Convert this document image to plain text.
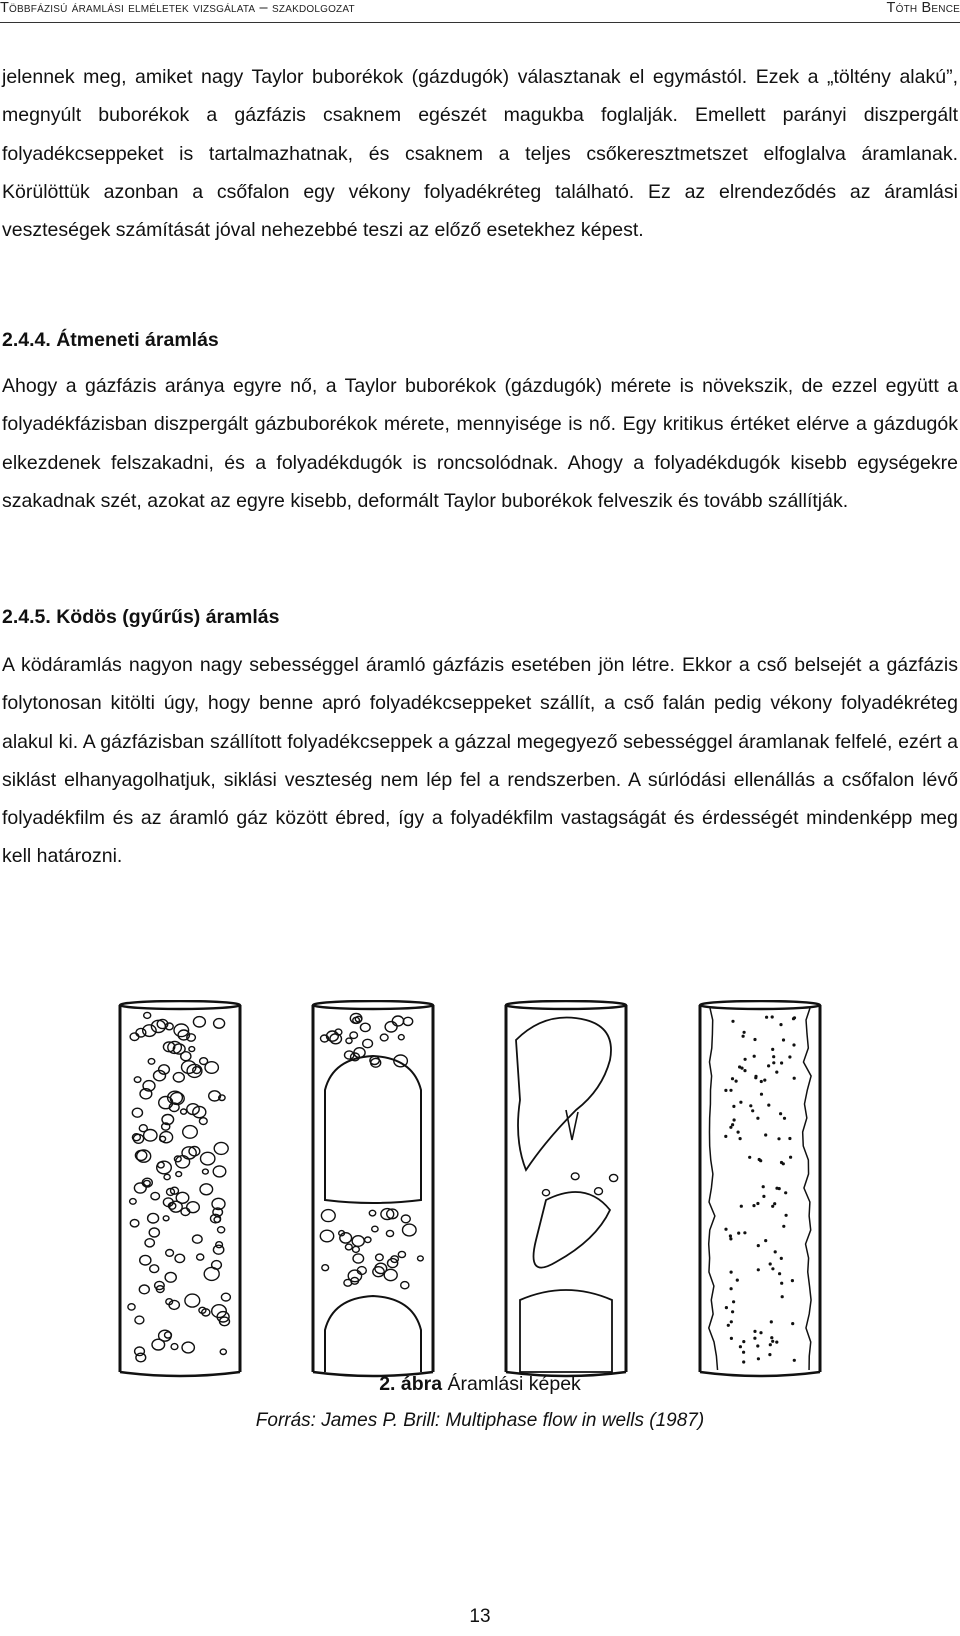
Többfázisú áramlási elméletek vizsgálata – szakdolgozat	Tóth Bence

jelennek meg, amiket nagy Taylor buborékok (gázdugók) választanak el egymástól. Ezek a „töltény alakú”, megnyúlt buborékok a gázfázis csaknem egészét magukba foglalják. Emellett parányi diszpergált folyadékcseppeket is tartalmazhatnak, és csaknem a teljes csőkeresztmetszet elfoglalva áramlanak. Körülöttük azonban a csőfalon egy vékony folyadékréteg található. Ez az elrendeződés az áramlási veszteségek számítását jóval nehezebbé teszi az előző esetekhez képest.

2.4.4. Átmeneti áramlás

Ahogy a gázfázis aránya egyre nő, a Taylor buborékok (gázdugók) mérete is növekszik, de ezzel együtt a folyadékfázisban diszpergált gázbuborékok mérete, mennyisége is nő. Egy kritikus értéket elérve a gázdugók elkezdenek felszakadni, és a folyadékdugók is roncsolódnak. Ahogy a folyadékdugók kisebb egységekre szakadnak szét, azokat az egyre kisebb, deformált Taylor buborékok felveszik és tovább szállítják.

2.4.5. Ködös (gyűrűs) áramlás

A ködáramlás nagyon nagy sebességgel áramló gázfázis esetében jön létre. Ekkor a cső belsejét a gázfázis folytonosan kitölti úgy, hogy benne apró folyadékcseppeket szállít, a cső falán pedig vékony folyadékréteg alakul ki. A gázfázisban szállított folyadékcseppek a gázzal megegyező sebességgel áramlanak felfelé, ezért a siklást elhanyagolhatjuk, siklási veszteség nem lép fel a rendszerben. A súrlódási ellenállás a csőfalon lévő folyadékfilm és az áramló gáz között ébred, így a folyadékfilm vastagságát és érdességét mindenképp meg kell határozni.

2. ábra Áramlási képek
Forrás: James P. Brill: Multiphase flow in wells (1987)
13
